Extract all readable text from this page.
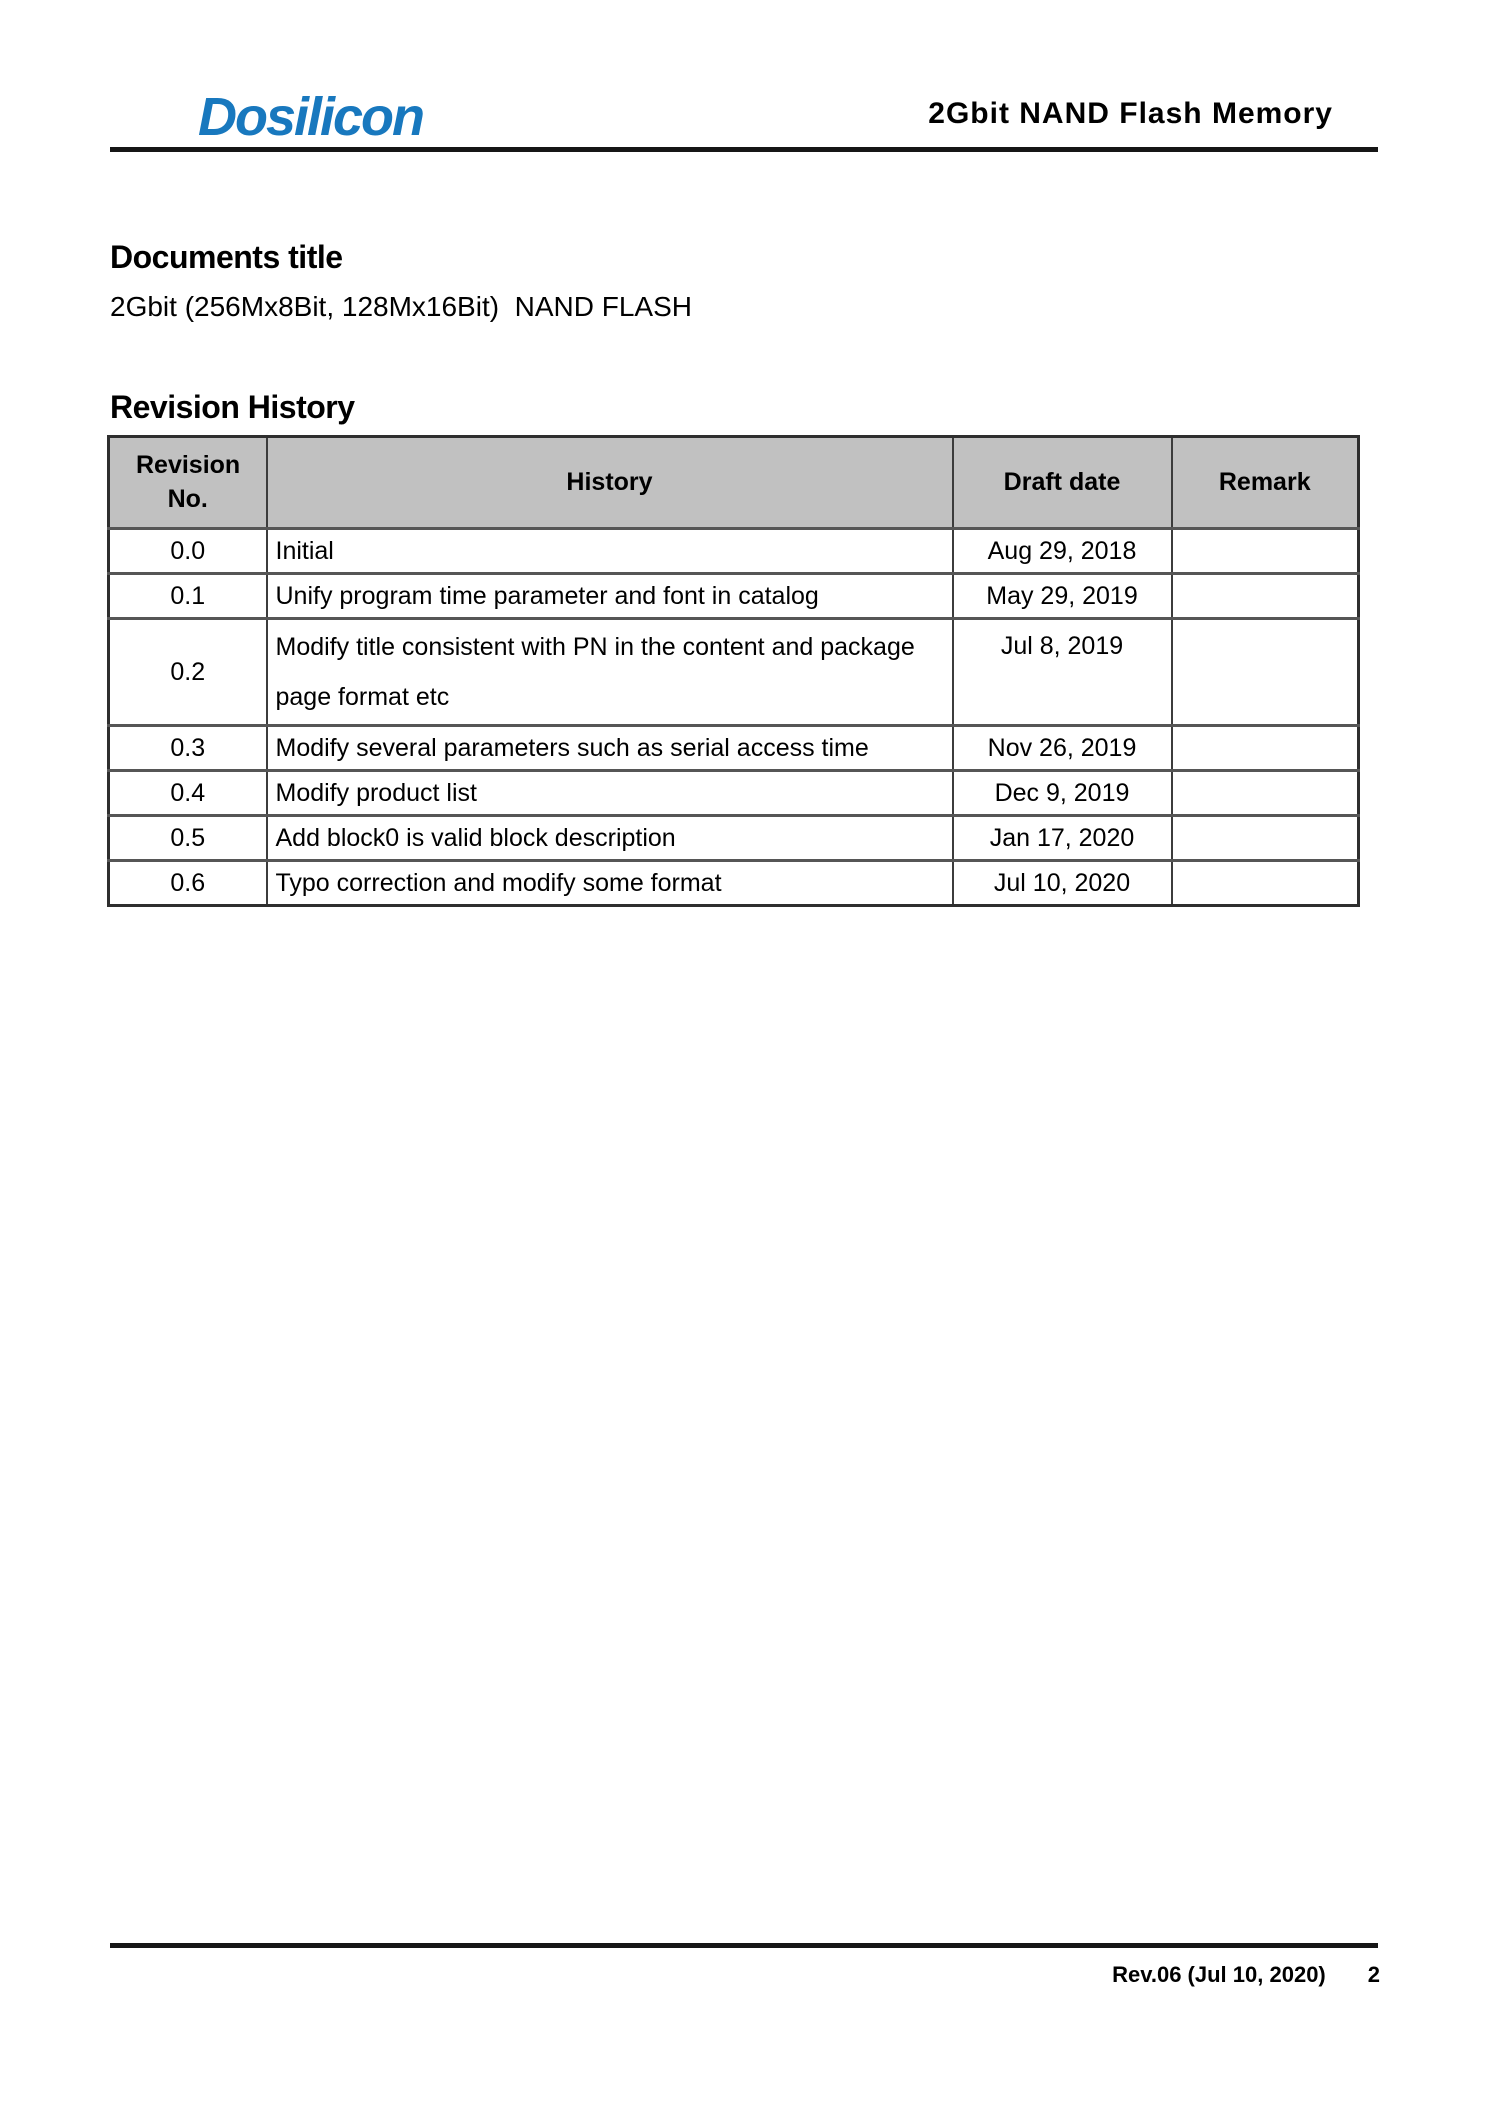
Dosilicon	2Gbit NAND Flash Memory
Documents title

2Gbit (256Mx8Bit, 128Mx16Bit)  NAND FLASH

Revision History
Revision No.	History	Draft date	Remark
0.0	Initial	Aug 29, 2018	
0.1	Unify program time parameter and font in catalog	May 29, 2019	
0.2	Modify title consistent with PN in the content and package page format etc	Jul 8, 2019	
0.3	Modify several parameters such as serial access time	Nov 26, 2019	
0.4	Modify product list	Dec 9, 2019	
0.5	Add block0 is valid block description	Jan 17, 2020	
0.6	Typo correction and modify some format	Jul 10, 2020	
Rev.06 (Jul 10, 2020) 2
